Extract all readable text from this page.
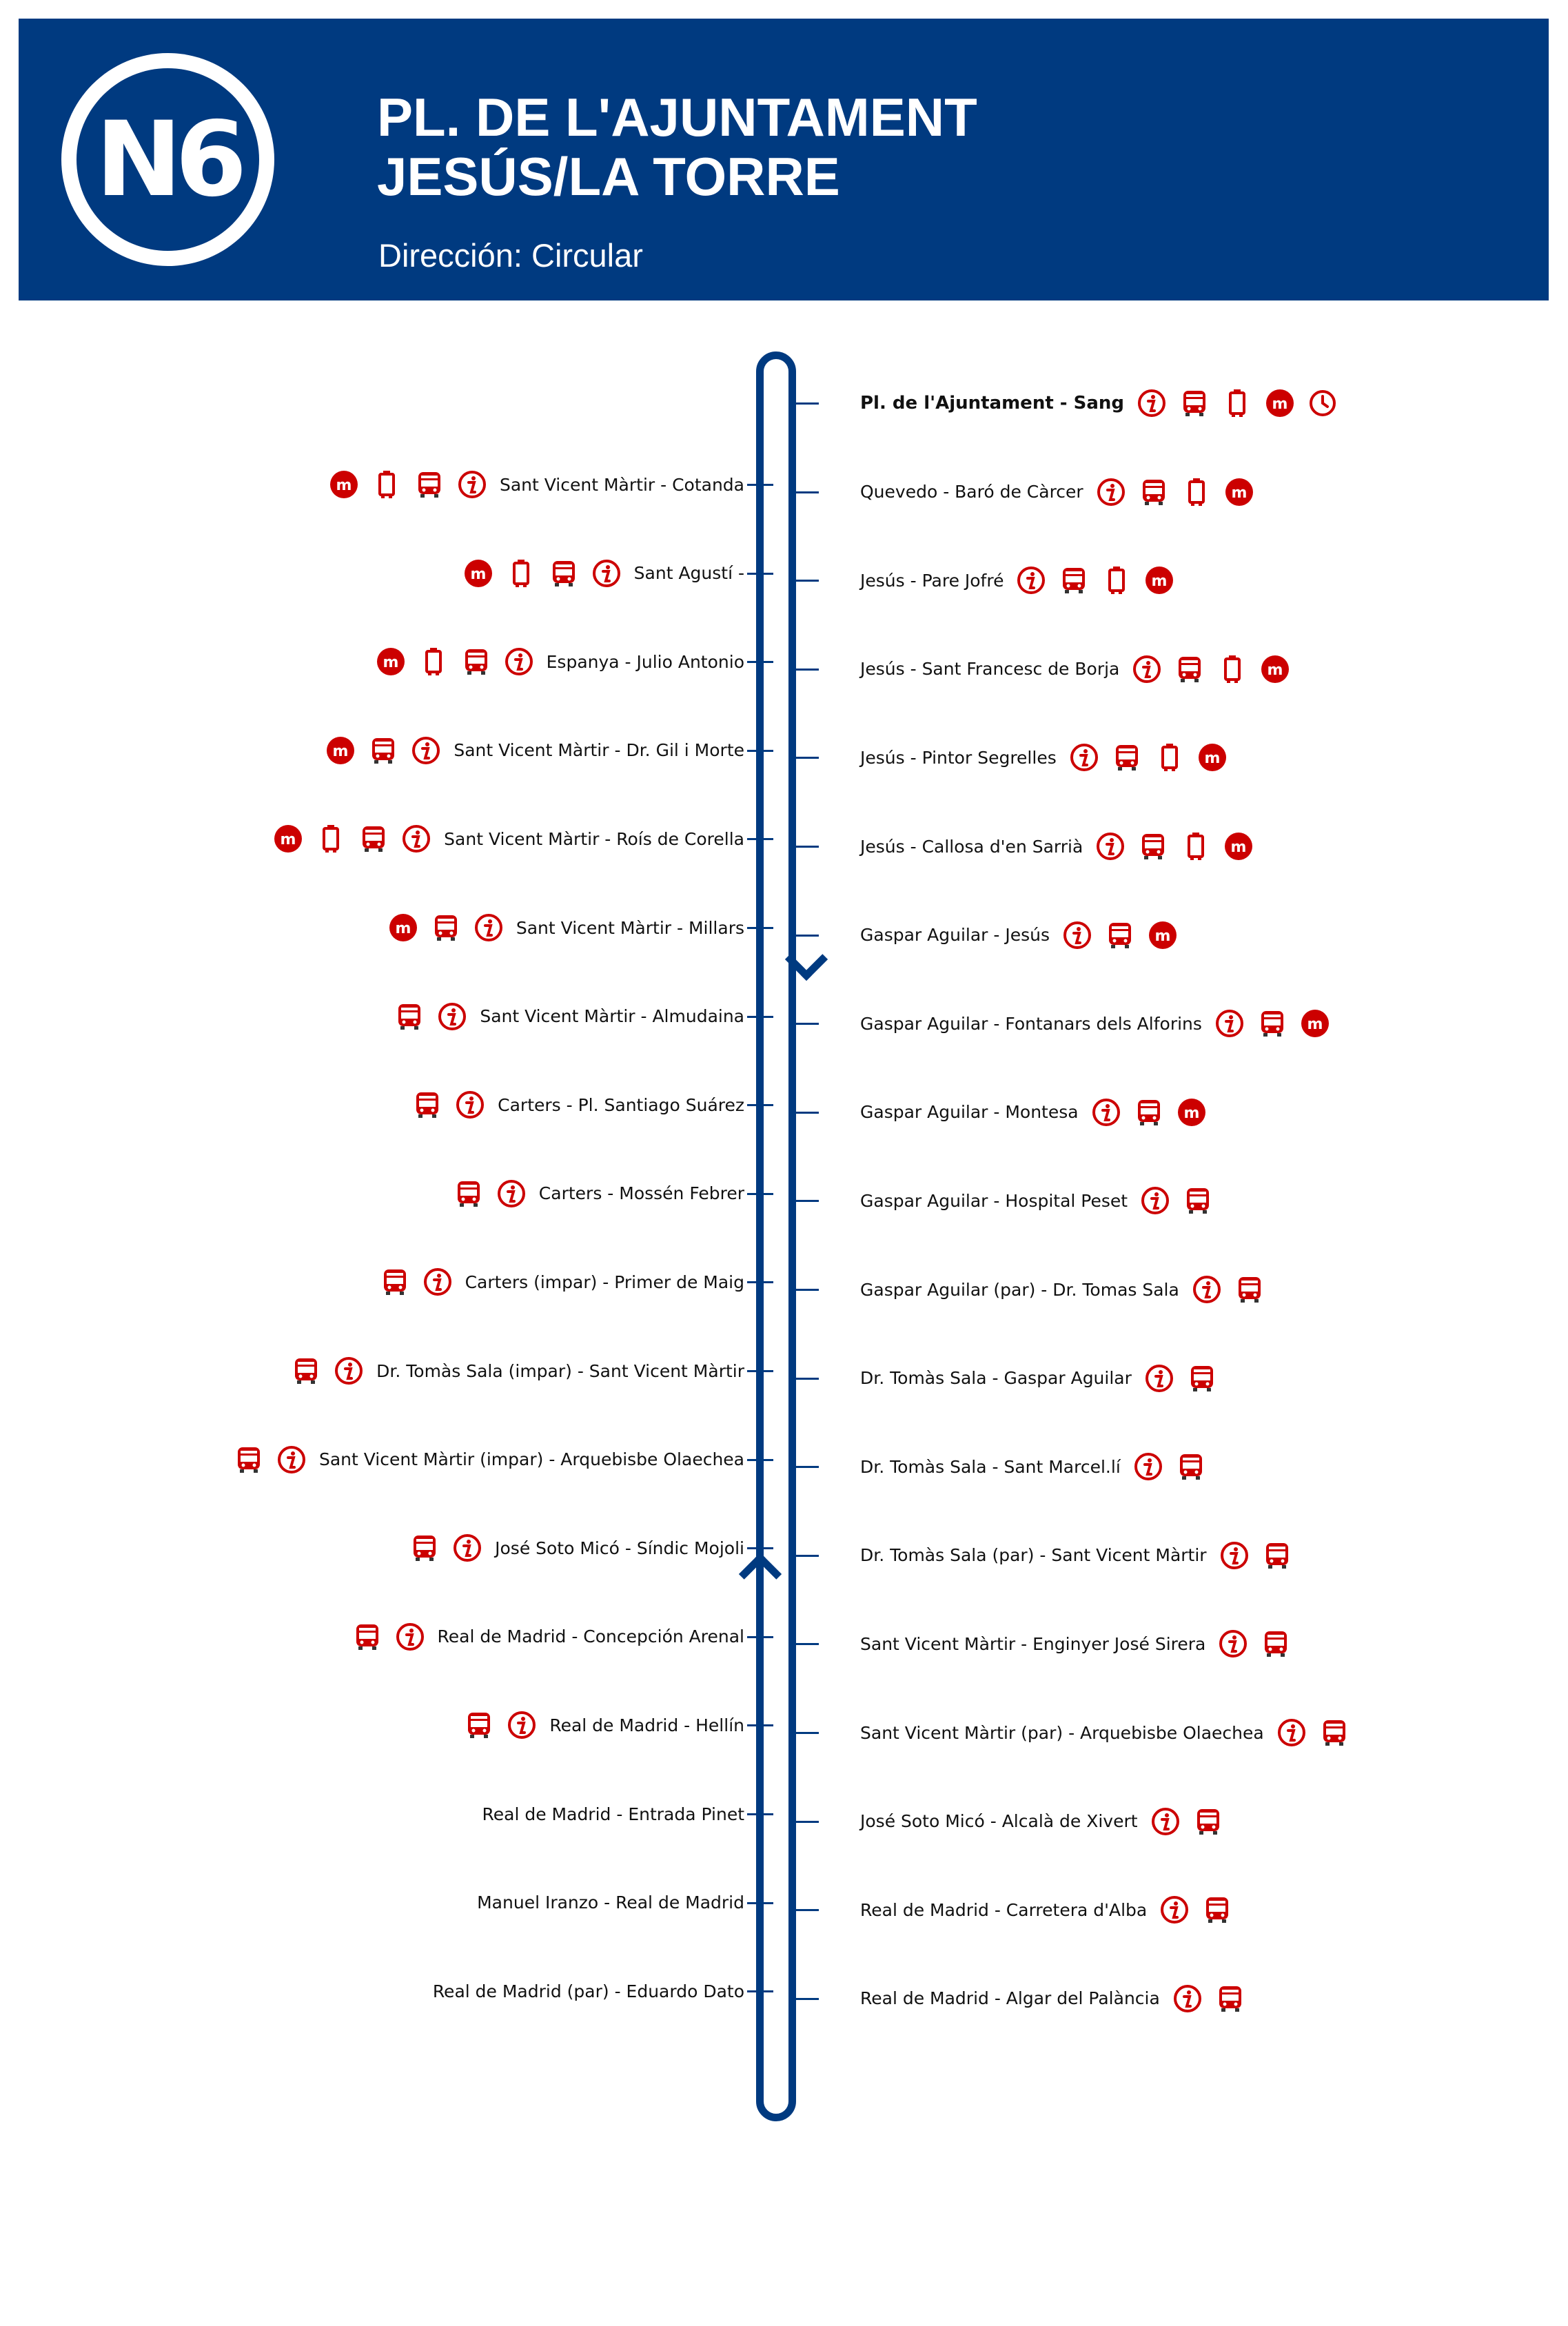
N6	PL. DE L'AJUNTAMENT
JESÚS/LA TORRE
Dirección: Circular
Pl. de l'Ajuntament - Sang	m
Quevedo - Baró de Càrcer	m
Jesús - Pare Jofré	m
Jesús - Sant Francesc de Borja	m
Jesús - Pintor Segrelles	m
Jesús - Callosa d'en Sarrià	m
Gaspar Aguilar - Jesús	m
Gaspar Aguilar - Fontanars dels Alforins	m
Gaspar Aguilar - Montesa	m
Gaspar Aguilar - Hospital Peset
Gaspar Aguilar (par) - Dr. Tomas Sala
Dr. Tomàs Sala - Gaspar Aguilar
Dr. Tomàs Sala - Sant Marcel.lí
Dr. Tomàs Sala (par) - Sant Vicent Màrtir
Sant Vicent Màrtir - Enginyer José Sirera
Sant Vicent Màrtir (par) - Arquebisbe Olaechea
José Soto Micó - Alcalà de Xivert
Real de Madrid - Carretera d'Alba
Real de Madrid - Algar del Palància
m	Sant Vicent Màrtir - Cotanda
m	Sant Agustí -
m	Espanya - Julio Antonio
m	Sant Vicent Màrtir - Dr. Gil i Morte
m	Sant Vicent Màrtir - Roís de Corella
m	Sant Vicent Màrtir - Millars
Sant Vicent Màrtir - Almudaina
Carters - Pl. Santiago Suárez
Carters - Mossén Febrer
Carters (impar) - Primer de Maig
Dr. Tomàs Sala (impar) - Sant Vicent Màrtir
Sant Vicent Màrtir (impar) - Arquebisbe Olaechea
José Soto Micó - Síndic Mojoli
Real de Madrid - Concepción Arenal
Real de Madrid - Hellín
Real de Madrid - Entrada Pinet
Manuel Iranzo - Real de Madrid
Real de Madrid (par) - Eduardo Dato
